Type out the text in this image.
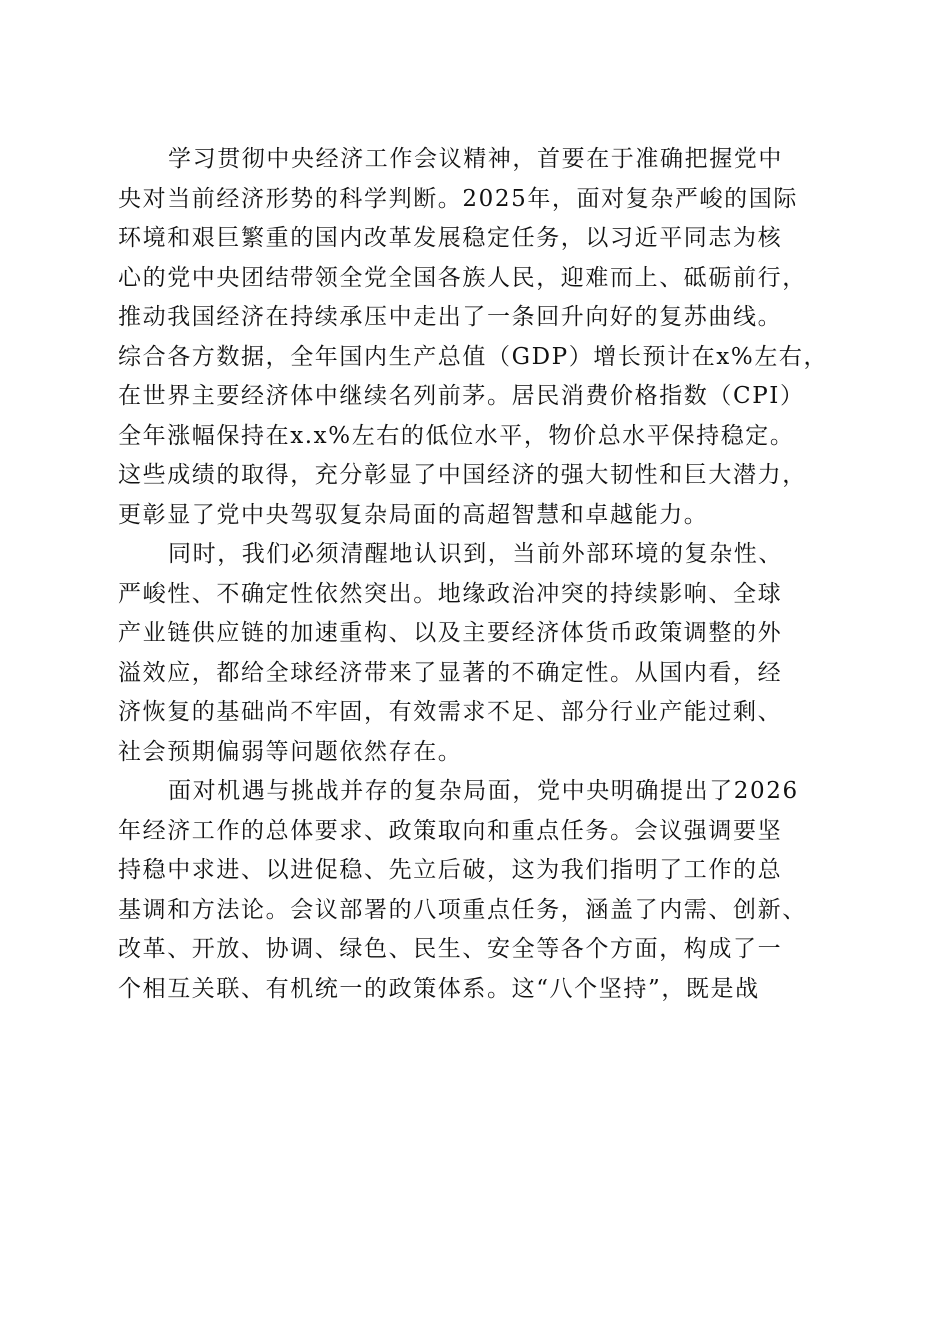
学习贯彻中央经济工作会议精神，首要在于准确把握党中
央对当前经济形势的科学判断。2025年，面对复杂严峻的国际
环境和艰巨繁重的国内改革发展稳定任务，以习近平同志为核
心的党中央团结带领全党全国各族人民，迎难而上、砥砺前行，
推动我国经济在持续承压中走出了一条回升向好的复苏曲线。
综合各方数据，全年国内生产总值（GDP）增长预计在x%左右，
在世界主要经济体中继续名列前茅。居民消费价格指数（CPI）
全年涨幅保持在x.x%左右的低位水平，物价总水平保持稳定。
这些成绩的取得，充分彰显了中国经济的强大韧性和巨大潜力，
更彰显了党中央驾驭复杂局面的高超智慧和卓越能力。
同时，我们必须清醒地认识到，当前外部环境的复杂性、
严峻性、不确定性依然突出。地缘政治冲突的持续影响、全球
产业链供应链的加速重构、以及主要经济体货币政策调整的外
溢效应，都给全球经济带来了显著的不确定性。从国内看，经
济恢复的基础尚不牢固，有效需求不足、部分行业产能过剩、
社会预期偏弱等问题依然存在。
面对机遇与挑战并存的复杂局面，党中央明确提出了2026
年经济工作的总体要求、政策取向和重点任务。会议强调要坚
持稳中求进、以进促稳、先立后破，这为我们指明了工作的总
基调和方法论。会议部署的八项重点任务，涵盖了内需、创新、
改革、开放、协调、绿色、民生、安全等各个方面，构成了一
个相互关联、有机统一的政策体系。这“八个坚持”，既是战
